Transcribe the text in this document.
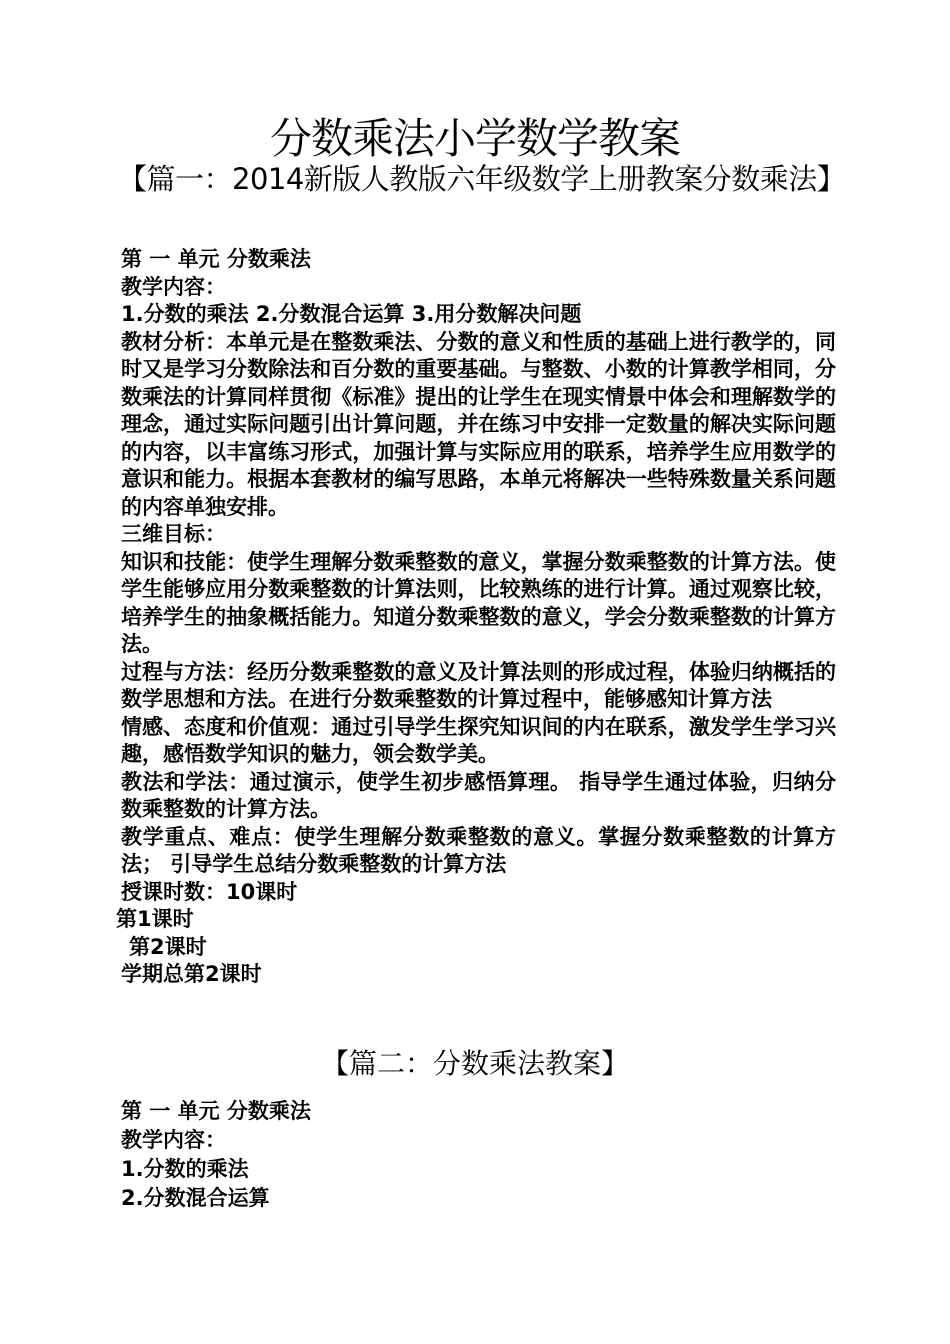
分数乘法小学数学教案
【篇一：2014新版人教版六年级数学上册教案分数乘法】

第 一 单元 分数乘法

教学内容：

1.分数的乘法 2.分数混合运算 3.用分数解决问题

教材分析：本单元是在整数乘法、分数的意义和性质的基础上进行教学的，同时又是学习分数除法和百分数的重要基础。与整数、小数的计算教学相同，分数乘法的计算同样贯彻《标准》提出的让学生在现实情景中体会和理解数学的理念，通过实际问题引出计算问题，并在练习中安排一定数量的解决实际问题的内容，以丰富练习形式，加强计算与实际应用的联系，培养学生应用数学的意识和能力。根据本套教材的编写思路，本单元将解决一些特殊数量关系问题的内容单独安排。

三维目标：

知识和技能：使学生理解分数乘整数的意义，掌握分数乘整数的计算方法。使学生能够应用分数乘整数的计算法则，比较熟练的进行计算。通过观察比较，培养学生的抽象概括能力。知道分数乘整数的意义，学会分数乘整数的计算方法。

过程与方法：经历分数乘整数的意义及计算法则的形成过程，体验归纳概括的数学思想和方法。在进行分数乘整数的计算过程中，能够感知计算方法

情感、态度和价值观：通过引导学生探究知识间的内在联系，激发学生学习兴趣，感悟数学知识的魅力，领会数学美。

教法和学法：通过演示，使学生初步感悟算理。 指导学生通过体验，归纳分数乘整数的计算方法。

教学重点、难点：使学生理解分数乘整数的意义。掌握分数乘整数的计算方法； 引导学生总结分数乘整数的计算方法

授课时数：10课时

第1课时

第2课时

学期总第2课时

【篇二：分数乘法教案】

第 一 单元 分数乘法

教学内容：

1.分数的乘法

2.分数混合运算
